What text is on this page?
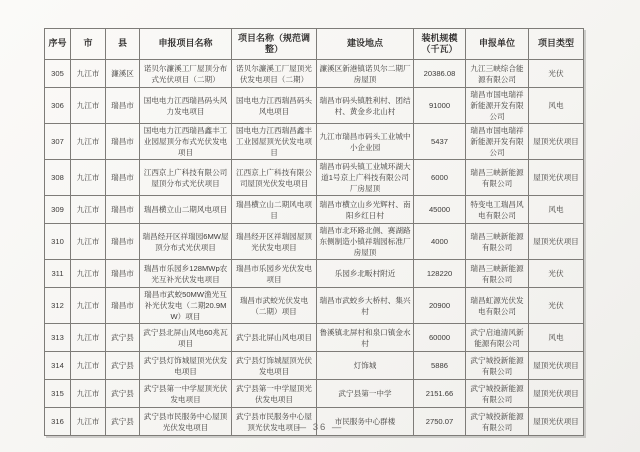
序号	市	县	申报项目名称	项目名称（规范调整）	建设地点	装机规模（千瓦）	申报单位	项目类型
305	九江市	濂溪区	诺贝尔濂溪工厂屋顶分布式光伏项目（二期）	诺贝尔濂溪工厂屋顶光伏发电项目（二期）	濂溪区新港镇诺贝尔二期厂房屋顶	20386.08	九江三峡综合能源有限公司	光伏
306	九江市	瑞昌市	国电电力江西瑞昌码头风力发电项目	国电电力江西瑞昌码头风电项目	瑞昌市码头镇胜利村、团结村、黄金乡北山村	91000	瑞昌市国电瑞祥新能源开发有限公司	风电
307	九江市	瑞昌市	国电电力江西瑞昌鑫丰工业园屋顶分布式光伏发电项目	国电电力江西瑞昌鑫丰工业园屋顶光伏发电项目	九江市瑞昌市码头工业城中小企业园	5437	瑞昌市国电瑞祥新能源开发有限公司	屋顶光伏项目
308	九江市	瑞昌市	江西京上广科技有限公司屋顶分布式光伏项目	江西京上广科技有限公司屋顶光伏发电项目	瑞昌市码头镇工业城环湖大道1号京上广科技有限公司厂房屋顶	6000	瑞昌三峡新能源有限公司	屋顶光伏项目
309	九江市	瑞昌市	瑞昌横立山二期风电项目	瑞昌横立山二期风电项目	瑞昌市横立山乡光辉村、南阳乡红日村	45000	特变电工瑞昌风电有限公司	风电
310	九江市	瑞昌市	瑞昌经开区祥瑞园6MW屋顶分布式光伏项目	瑞昌经开区祥瑞园屋顶光伏发电项目	瑞昌市北环路北侧、赛湖路东侧制造小镇祥瑞园标准厂房屋顶	4000	瑞昌三峡新能源有限公司	屋顶光伏项目
311	九江市	瑞昌市	瑞昌市乐园乡128MWp农光互补光伏发电项目	瑞昌市乐园乡光伏发电项目	乐园乡北畈村附近	128220	瑞昌三峡新能源有限公司	光伏
312	九江市	瑞昌市	瑞昌市武蛟50MW渔光互补光伏发电（二期20.9MW）项目	瑞昌市武蛟光伏发电（二期）项目	瑞昌市武蛟乡大桥村、集兴村	20900	瑞昌虹源光伏发电有限公司	光伏
313	九江市	武宁县	武宁县北屏山风电60兆瓦项目	武宁县北屏山风电项目	鲁溪镇北屏村和泉口镇金水村	60000	武宁启迪清风新能源有限公司	风电
314	九江市	武宁县	武宁县灯饰城屋顶光伏发电项目	武宁县灯饰城屋顶光伏发电项目	灯饰城	5886	武宁城投新能源有限公司	屋顶光伏项目
315	九江市	武宁县	武宁县第一中学屋顶光伏发电项目	武宁县第一中学屋顶光伏发电项目	武宁县第一中学	2151.66	武宁城投新能源有限公司	屋顶光伏项目
316	九江市	武宁县	武宁县市民服务中心屋顶光伏发电项目	武宁县市民服务中心屋顶光伏发电项目	市民服务中心群楼	2750.07	武宁城投新能源有限公司	屋顶光伏项目
— 36 —
